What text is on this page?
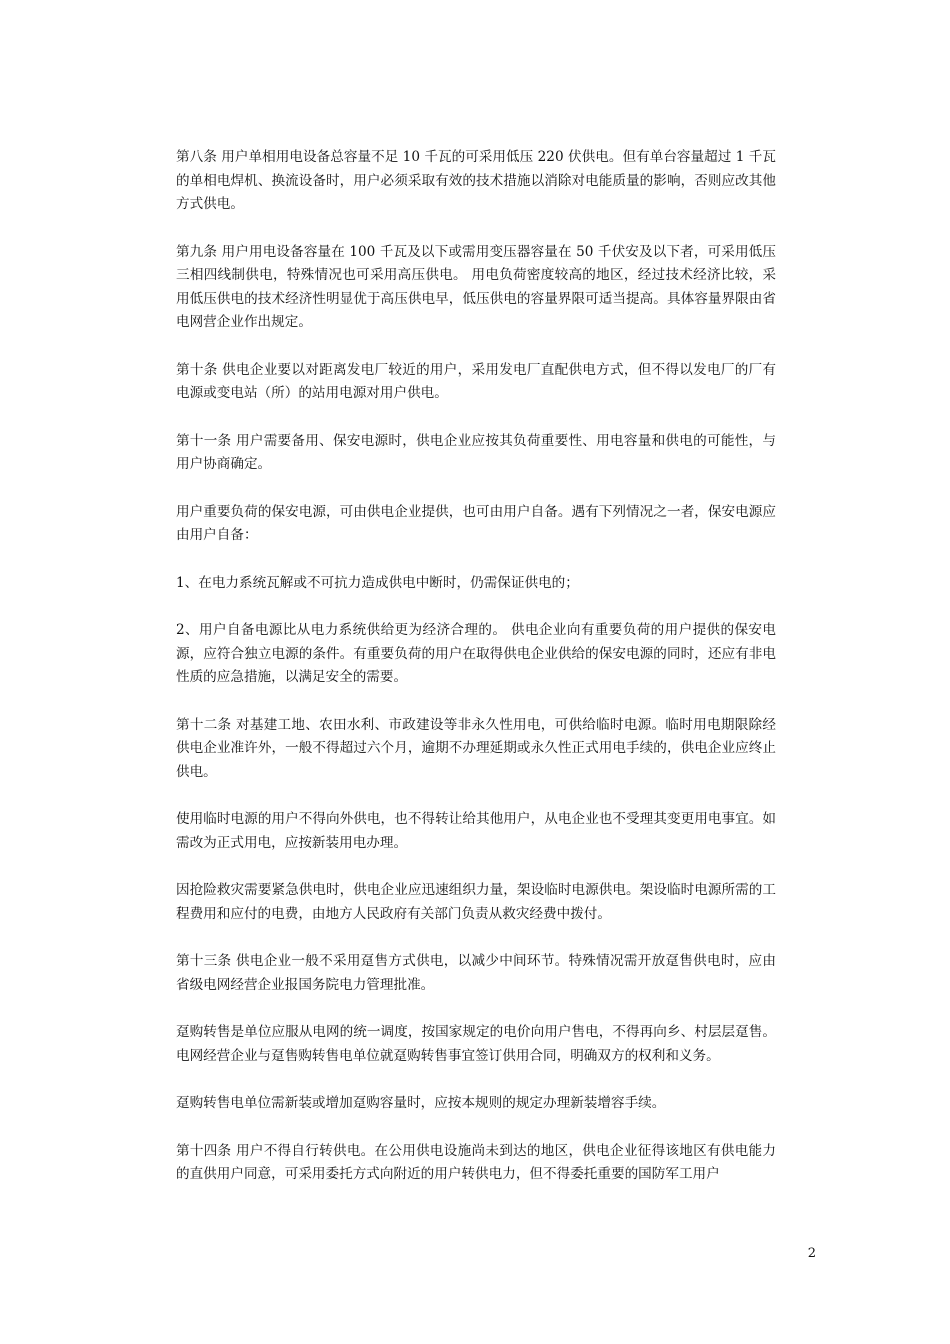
第八条 用户单相用电设备总容量不足 10 千瓦的可采用低压 220 伏供电。但有单台容量超过 1 千瓦的单相电焊机、换流设备时，用户必须采取有效的技术措施以消除对电能质量的影响，否则应改其他方式供电。

第九条 用户用电设备容量在 100 千瓦及以下或需用变压器容量在 50 千伏安及以下者，可采用低压三相四线制供电，特殊情况也可采用高压供电。 用电负荷密度较高的地区，经过技术经济比较，采用低压供电的技术经济性明显优于高压供电早，低压供电的容量界限可适当提高。具体容量界限由省电网营企业作出规定。

第十条 供电企业要以对距离发电厂较近的用户，采用发电厂直配供电方式，但不得以发电厂的厂有电源或变电站（所）的站用电源对用户供电。

第十一条 用户需要备用、保安电源时，供电企业应按其负荷重要性、用电容量和供电的可能性，与用户协商确定。

用户重要负荷的保安电源，可由供电企业提供，也可由用户自备。遇有下列情况之一者，保安电源应由用户自备：

1、在电力系统瓦解或不可抗力造成供电中断时，仍需保证供电的；

2、用户自备电源比从电力系统供给更为经济合理的。 供电企业向有重要负荷的用户提供的保安电源，应符合独立电源的条件。有重要负荷的用户在取得供电企业供给的保安电源的同时，还应有非电性质的应急措施，以满足安全的需要。

第十二条 对基建工地、农田水利、市政建设等非永久性用电，可供给临时电源。临时用电期限除经供电企业准许外，一般不得超过六个月，逾期不办理延期或永久性正式用电手续的，供电企业应终止供电。

使用临时电源的用户不得向外供电，也不得转让给其他用户，从电企业也不受理其变更用电事宜。如需改为正式用电，应按新装用电办理。

因抢险救灾需要紧急供电时，供电企业应迅速组织力量，架设临时电源供电。架设临时电源所需的工程费用和应付的电费，由地方人民政府有关部门负责从救灾经费中拨付。

第十三条 供电企业一般不采用趸售方式供电，以减少中间环节。特殊情况需开放趸售供电时，应由省级电网经营企业报国务院电力管理批准。

趸购转售是单位应服从电网的统一调度，按国家规定的电价向用户售电，不得再向乡、村层层趸售。电网经营企业与趸售购转售电单位就趸购转售事宜签订供用合同，明确双方的权利和义务。

趸购转售电单位需新装或增加趸购容量时，应按本规则的规定办理新装增容手续。

第十四条 用户不得自行转供电。在公用供电设施尚未到达的地区，供电企业征得该地区有供电能力的直供用户同意，可采用委托方式向附近的用户转供电力，但不得委托重要的国防军工用户

2
